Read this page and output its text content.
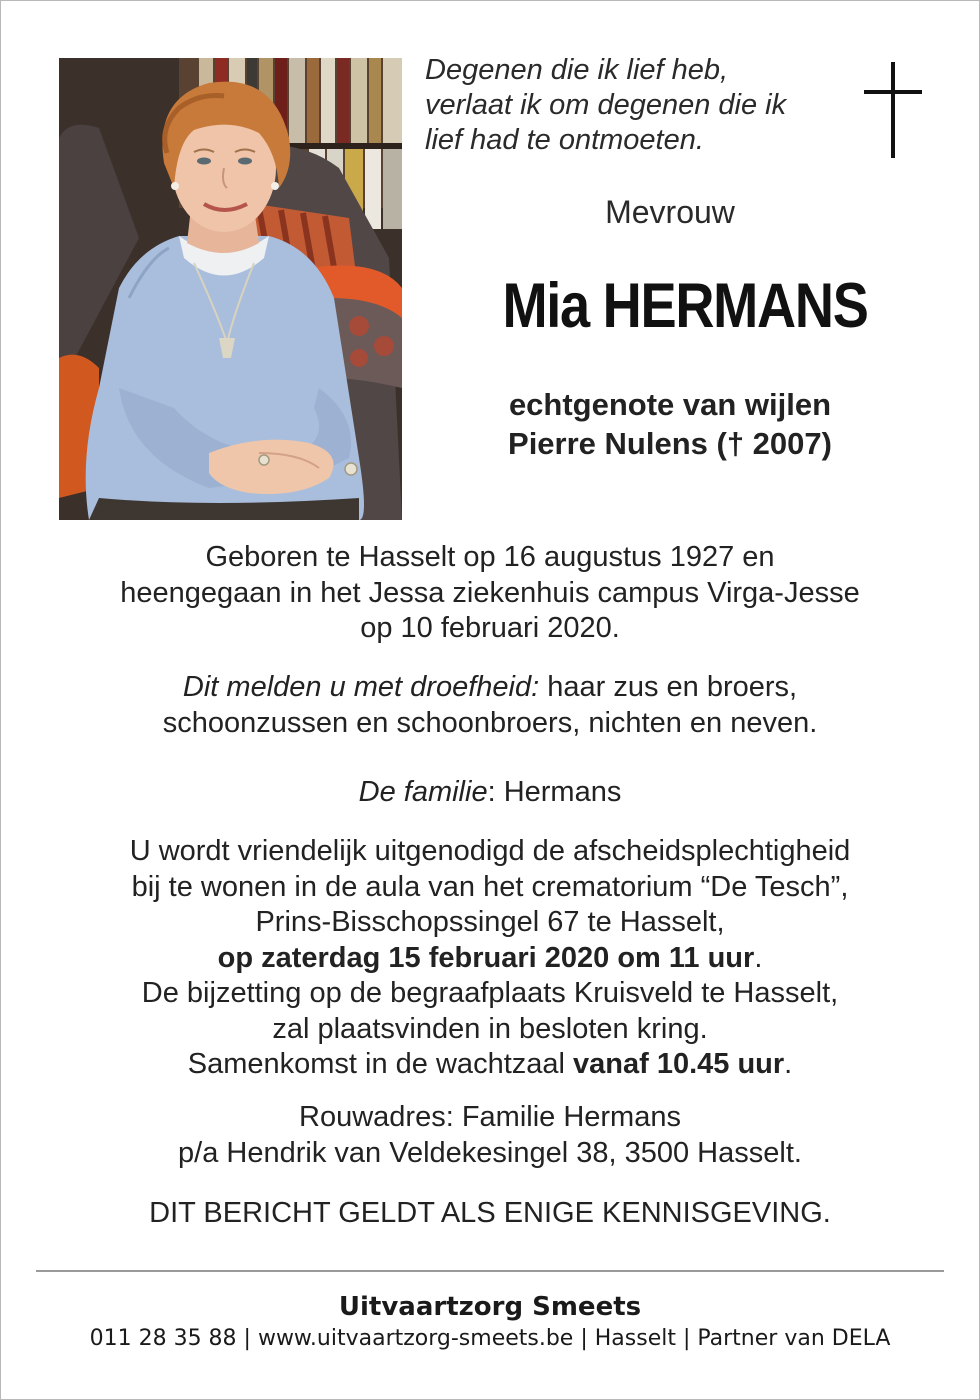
Degenen die ik lief heb,
verlaat ik om degenen die ik
lief had te ontmoeten.
Mevrouw
Mia HERMANS
echtgenote van wijlen
Pierre Nulens († 2007)
Geboren te Hasselt op 16 augustus 1927 en
heengegaan in het Jessa ziekenhuis campus Virga-Jesse
op 10 februari 2020.
Dit melden u met droefheid: haar zus en broers,
schoonzussen en schoonbroers, nichten en neven.
De familie: Hermans
U wordt vriendelijk uitgenodigd de afscheidsplechtigheid
bij te wonen in de aula van het crematorium “De Tesch”,
Prins-Bisschopssingel 67 te Hasselt,
op zaterdag 15 februari 2020 om 11 uur.
De bijzetting op de begraafplaats Kruisveld te Hasselt,
zal plaatsvinden in besloten kring.
Samenkomst in de wachtzaal vanaf 10.45 uur.
Rouwadres: Familie Hermans
p/a Hendrik van Veldekesingel 38, 3500 Hasselt.
DIT BERICHT GELDT ALS ENIGE KENNISGEVING.
Uitvaartzorg Smeets
011 28 35 88 | www.uitvaartzorg-smeets.be | Hasselt | Partner van DELA
